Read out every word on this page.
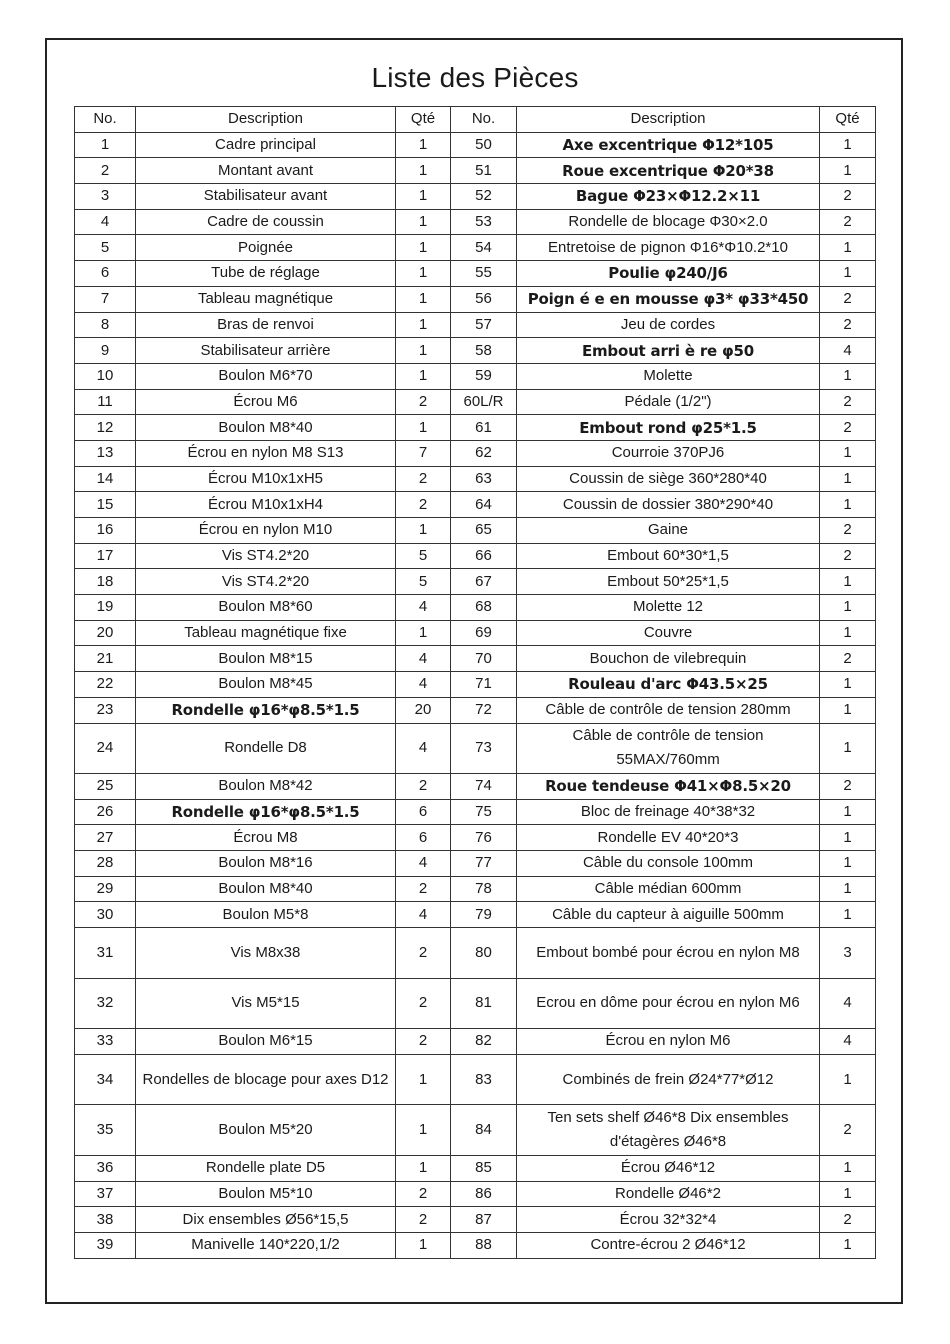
Liste des Pièces
No.	Description	Qté	No.	Description	Qté
1	Cadre principal	1	50	Axe excentrique Φ12*105	1
2	Montant avant	1	51	Roue excentrique Φ20*38	1
3	Stabilisateur avant	1	52	Bague Φ23×Φ12.2×11	2
4	Cadre de coussin	1	53	Rondelle de blocage Φ30×2.0	2
5	Poignée	1	54	Entretoise de pignon Φ16*Φ10.2*10	1
6	Tube de réglage	1	55	Poulie φ240/J6	1
7	Tableau magnétique	1	56	Poign é e en mousse φ3* φ33*450	2
8	Bras de renvoi	1	57	Jeu de cordes	2
9	Stabilisateur arrière	1	58	Embout arri è re φ50	4
10	Boulon M6*70	1	59	Molette	1
11	Écrou M6	2	60L/R	Pédale (1/2")	2
12	Boulon M8*40	1	61	Embout rond φ25*1.5	2
13	Écrou en nylon M8 S13	7	62	Courroie 370PJ6	1
14	Écrou M10x1xH5	2	63	Coussin de siège 360*280*40	1
15	Écrou M10x1xH4	2	64	Coussin de dossier 380*290*40	1
16	Écrou en nylon M10	1	65	Gaine	2
17	Vis ST4.2*20	5	66	Embout 60*30*1,5	2
18	Vis ST4.2*20	5	67	Embout 50*25*1,5	1
19	Boulon M8*60	4	68	Molette 12	1
20	Tableau magnétique fixe	1	69	Couvre	1
21	Boulon M8*15	4	70	Bouchon de vilebrequin	2
22	Boulon M8*45	4	71	Rouleau d'arc Φ43.5×25	1
23	Rondelle φ16*φ8.5*1.5	20	72	Câble de contrôle de tension 280mm	1
24	Rondelle D8	4	73	Câble de contrôle de tension 55MAX/760mm	1
25	Boulon M8*42	2	74	Roue tendeuse Φ41×Φ8.5×20	2
26	Rondelle φ16*φ8.5*1.5	6	75	Bloc de freinage 40*38*32	1
27	Écrou M8	6	76	Rondelle EV 40*20*3	1
28	Boulon M8*16	4	77	Câble du console 100mm	1
29	Boulon M8*40	2	78	Câble médian 600mm	1
30	Boulon M5*8	4	79	Câble du capteur à aiguille 500mm	1
31	Vis M8x38	2	80	Embout bombé pour écrou en nylon M8	3
32	Vis M5*15	2	81	Ecrou en dôme pour écrou en nylon M6	4
33	Boulon M6*15	2	82	Écrou en nylon M6	4
34	Rondelles de blocage pour axes D12	1	83	Combinés de frein Ø24*77*Ø12	1
35	Boulon M5*20	1	84	Ten sets shelf Ø46*8 Dix ensembles d'étagères Ø46*8	2
36	Rondelle plate D5	1	85	Écrou Ø46*12	1
37	Boulon M5*10	2	86	Rondelle Ø46*2	1
38	Dix ensembles Ø56*15,5	2	87	Écrou 32*32*4	2
39	Manivelle 140*220,1/2	1	88	Contre-écrou 2 Ø46*12	1
